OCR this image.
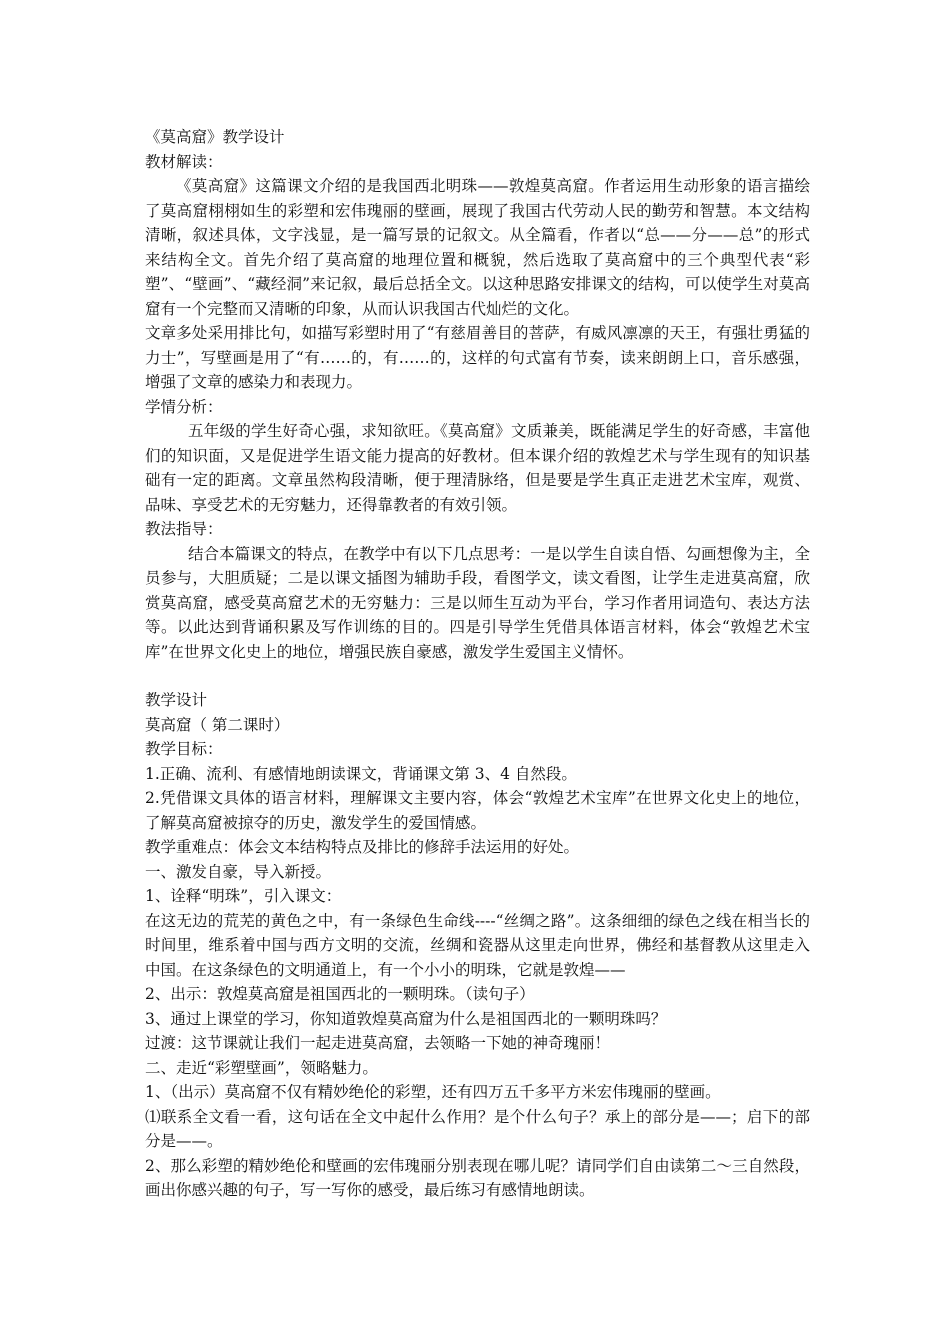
《莫高窟》教学设计

教材解读：

《莫高窟》这篇课文介绍的是我国西北明珠——敦煌莫高窟。作者运用生动形象的语言描绘了莫高窟栩栩如生的彩塑和宏伟瑰丽的壁画，展现了我国古代劳动人民的勤劳和智慧。本文结构清晰，叙述具体，文字浅显，是一篇写景的记叙文。从全篇看，作者以“总——分——总”的形式来结构全文。首先介绍了莫高窟的地理位置和概貌，然后选取了莫高窟中的三个典型代表“彩塑”、“壁画”、“藏经洞”来记叙，最后总括全文。以这种思路安排课文的结构，可以使学生对莫高窟有一个完整而又清晰的印象，从而认识我国古代灿烂的文化。

文章多处采用排比句，如描写彩塑时用了“有慈眉善目的菩萨，有威风凛凛的天王，有强壮勇猛的力士”，写壁画是用了“有……的，有……的，这样的句式富有节奏，读来朗朗上口，音乐感强，增强了文章的感染力和表现力。

学情分析：

五年级的学生好奇心强，求知欲旺。《莫高窟》文质兼美，既能满足学生的好奇感，丰富他们的知识面，又是促进学生语文能力提高的好教材。但本课介绍的敦煌艺术与学生现有的知识基础有一定的距离。文章虽然构段清晰，便于理清脉络，但是要是学生真正走进艺术宝库，观赏、品味、享受艺术的无穷魅力，还得靠教者的有效引领。

教法指导：

结合本篇课文的特点，在教学中有以下几点思考：一是以学生自读自悟、勾画想像为主，全员参与，大胆质疑；二是以课文插图为辅助手段，看图学文，读文看图，让学生走进莫高窟，欣赏莫高窟，感受莫高窟艺术的无穷魅力：三是以师生互动为平台，学习作者用词造句、表达方法等。以此达到背诵积累及写作训练的目的。四是引导学生凭借具体语言材料，体会“敦煌艺术宝库”在世界文化史上的地位，增强民族自豪感，激发学生爱国主义情怀。

教学设计

莫高窟（ 第二课时）

教学目标：

1.正确、流利、有感情地朗读课文，背诵课文第 3、4 自然段。

2.凭借课文具体的语言材料，理解课文主要内容，体会“敦煌艺术宝库”在世界文化史上的地位，了解莫高窟被掠夺的历史，激发学生的爱国情感。

教学重难点：体会文本结构特点及排比的修辞手法运用的好处。

一、激发自豪，导入新授。

1、诠释“明珠”，引入课文：

在这无边的荒芜的黄色之中，有一条绿色生命线----“丝绸之路”。这条细细的绿色之线在相当长的时间里，维系着中国与西方文明的交流，丝绸和瓷器从这里走向世界，佛经和基督教从这里走入中国。在这条绿色的文明通道上，有一个小小的明珠，它就是敦煌——

2、出示：敦煌莫高窟是祖国西北的一颗明珠。（读句子）

3、通过上课堂的学习，你知道敦煌莫高窟为什么是祖国西北的一颗明珠吗？

过渡：这节课就让我们一起走进莫高窟，去领略一下她的神奇瑰丽！

二、走近“彩塑壁画”，领略魅力。

1、（出示）莫高窟不仅有精妙绝伦的彩塑，还有四万五千多平方米宏伟瑰丽的壁画。

⑴联系全文看一看，这句话在全文中起什么作用？是个什么句子？承上的部分是——；启下的部分是——。

2、那么彩塑的精妙绝伦和壁画的宏伟瑰丽分别表现在哪儿呢？请同学们自由读第二～三自然段，画出你感兴趣的句子，写一写你的感受，最后练习有感情地朗读。
